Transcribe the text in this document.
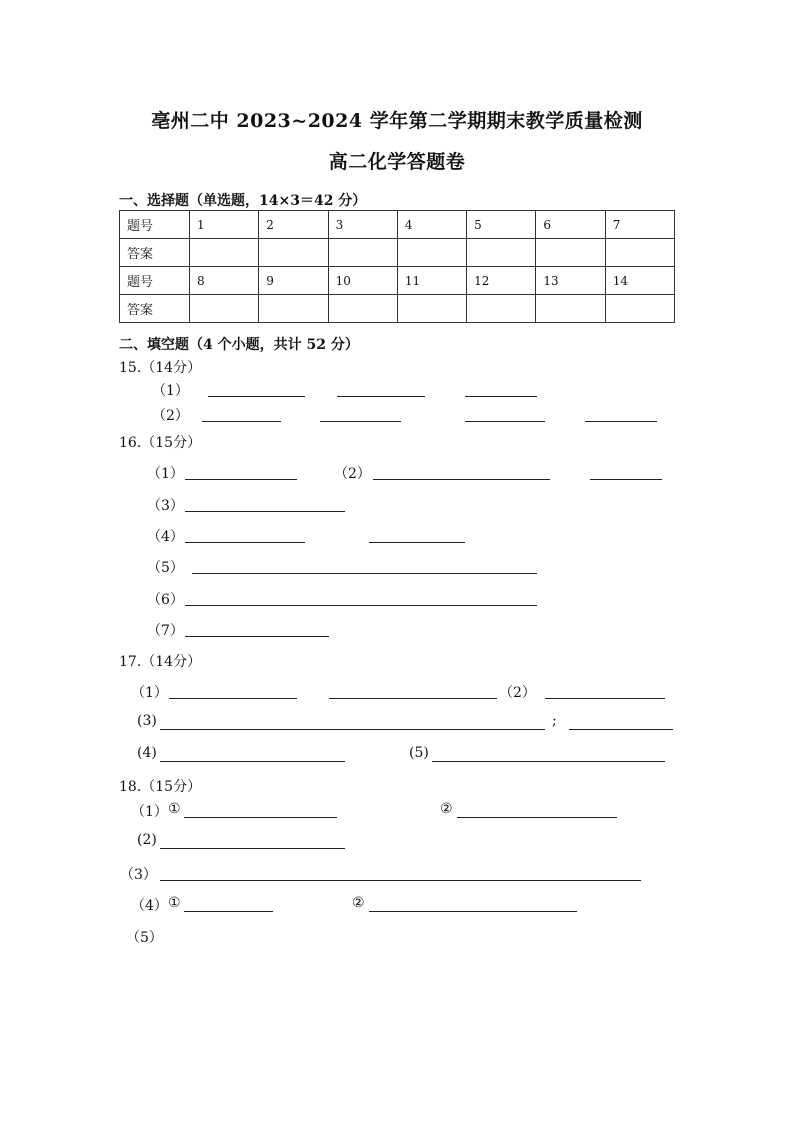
亳州二中 2023~2024 学年第二学期期末教学质量检测
高二化学答题卷
一、选择题（单选题，14×3＝42 分）
题号	1	2	3	4	5	6	7
答案							
题号	8	9	10	11	12	13	14
答案							
二、填空题（4 个小题，共计 52 分）
15.（14分）
（1）
（2）
16.（15分）
（1）	（2）
（3）
（4）
（5）
（6）
（7）
17.（14分）
（1）	（2）
(3)	;
(4)	(5)
18.（15分）
（1） ①	②
(2)
（3）
（4） ①	②
（5）
